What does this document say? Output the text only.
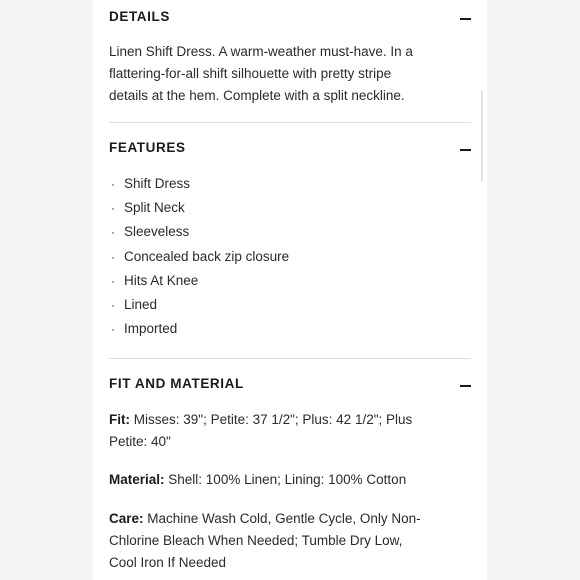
DETAILS
Linen Shift Dress. A warm-weather must-have. In a
flattering-for-all shift silhouette with pretty stripe
details at the hem. Complete with a split neckline.
FEATURES
· Shift Dress
· Split Neck
· Sleeveless
· Concealed back zip closure
· Hits At Knee
· Lined
· Imported
FIT AND MATERIAL
Fit: Misses: 39"; Petite: 37 1/2"; Plus: 42 1/2"; Plus
Petite: 40"
Material: Shell: 100% Linen; Lining: 100% Cotton
Care: Machine Wash Cold, Gentle Cycle, Only Non-
Chlorine Bleach When Needed; Tumble Dry Low,
Cool Iron If Needed
